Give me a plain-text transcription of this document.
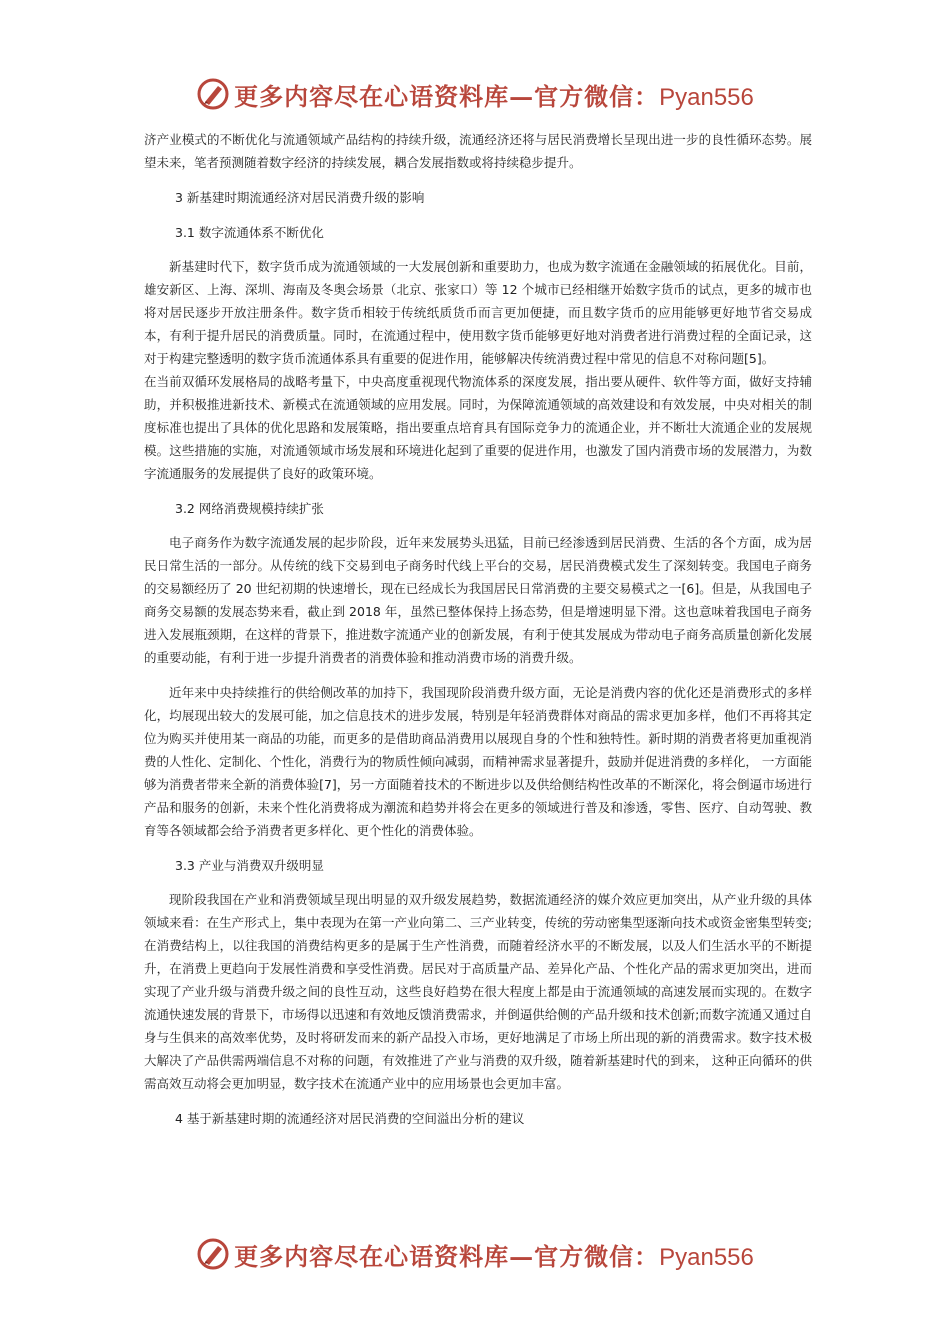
更多内容尽在心语资料库—官方微信：Pyan556

济产业模式的不断优化与流通领域产品结构的持续升级，流通经济还将与居民消费增长呈现出进一步的良性循环态势。展望未来，笔者预测随着数字经济的持续发展，耦合发展指数或将持续稳步提升。

3 新基建时期流通经济对居民消费升级的影响

3.1 数字流通体系不断优化

新基建时代下，数字货币成为流通领域的一大发展创新和重要助力，也成为数字流通在金融领域的拓展优化。目前，雄安新区、上海、深圳、海南及冬奥会场景（北京、张家口）等 12 个城市已经相继开始数字货币的试点，更多的城市也将对居民逐步开放注册条件。数字货币相较于传统纸质货币而言更加便捷，而且数字货币的应用能够更好地节省交易成本，有利于提升居民的消费质量。同时，在流通过程中，使用数字货币能够更好地对消费者进行消费过程的全面记录，这对于构建完整透明的数字货币流通体系具有重要的促进作用，能够解决传统消费过程中常见的信息不对称问题[5]。

在当前双循环发展格局的战略考量下，中央高度重视现代物流体系的深度发展，指出要从硬件、软件等方面，做好支持辅助，并积极推进新技术、新模式在流通领域的应用发展。同时，为保障流通领域的高效建设和有效发展，中央对相关的制度标准也提出了具体的优化思路和发展策略，指出要重点培育具有国际竞争力的流通企业，并不断壮大流通企业的发展规模。这些措施的实施，对流通领域市场发展和环境进化起到了重要的促进作用，也激发了国内消费市场的发展潜力，为数字流通服务的发展提供了良好的政策环境。

3.2 网络消费规模持续扩张

电子商务作为数字流通发展的起步阶段，近年来发展势头迅猛，目前已经渗透到居民消费、生活的各个方面，成为居民日常生活的一部分。从传统的线下交易到电子商务时代线上平台的交易，居民消费模式发生了深刻转变。我国电子商务的交易额经历了 20 世纪初期的快速增长，现在已经成长为我国居民日常消费的主要交易模式之一[6]。但是，从我国电子商务交易额的发展态势来看，截止到 2018 年，虽然已整体保持上扬态势，但是增速明显下滑。这也意味着我国电子商务进入发展瓶颈期，在这样的背景下，推进数字流通产业的创新发展，有利于使其发展成为带动电子商务高质量创新化发展的重要动能，有利于进一步提升消费者的消费体验和推动消费市场的消费升级。

近年来中央持续推行的供给侧改革的加持下，我国现阶段消费升级方面，无论是消费内容的优化还是消费形式的多样化，均展现出较大的发展可能，加之信息技术的进步发展，特别是年轻消费群体对商品的需求更加多样，他们不再将其定位为购买并使用某一商品的功能，而更多的是借助商品消费用以展现自身的个性和独特性。新时期的消费者将更加重视消费的人性化、定制化、个性化，消费行为的物质性倾向减弱，而精神需求显著提升，鼓励并促进消费的多样化， 一方面能够为消费者带来全新的消费体验[7]，另一方面随着技术的不断进步以及供给侧结构性改革的不断深化，将会倒逼市场进行产品和服务的创新，未来个性化消费将成为潮流和趋势并将会在更多的领域进行普及和渗透，零售、医疗、自动驾驶、教育等各领域都会给予消费者更多样化、更个性化的消费体验。

3.3 产业与消费双升级明显

现阶段我国在产业和消费领域呈现出明显的双升级发展趋势，数据流通经济的媒介效应更加突出，从产业升级的具体领域来看：在生产形式上，集中表现为在第一产业向第二、三产业转变，传统的劳动密集型逐渐向技术或资金密集型转变;在消费结构上，以往我国的消费结构更多的是属于生产性消费，而随着经济水平的不断发展，以及人们生活水平的不断提升，在消费上更趋向于发展性消费和享受性消费。居民对于高质量产品、差异化产品、个性化产品的需求更加突出，进而实现了产业升级与消费升级之间的良性互动，这些良好趋势在很大程度上都是由于流通领域的高速发展而实现的。在数字流通快速发展的背景下，市场得以迅速和有效地反馈消费需求，并倒逼供给侧的产品升级和技术创新;而数字流通又通过自身与生俱来的高效率优势，及时将研发而来的新产品投入市场，更好地满足了市场上所出现的新的消费需求。数字技术极大解决了产品供需两端信息不对称的问题，有效推进了产业与消费的双升级，随着新基建时代的到来， 这种正向循环的供需高效互动将会更加明显，数字技术在流通产业中的应用场景也会更加丰富。

4 基于新基建时期的流通经济对居民消费的空间溢出分析的建议

更多内容尽在心语资料库—官方微信：Pyan556
